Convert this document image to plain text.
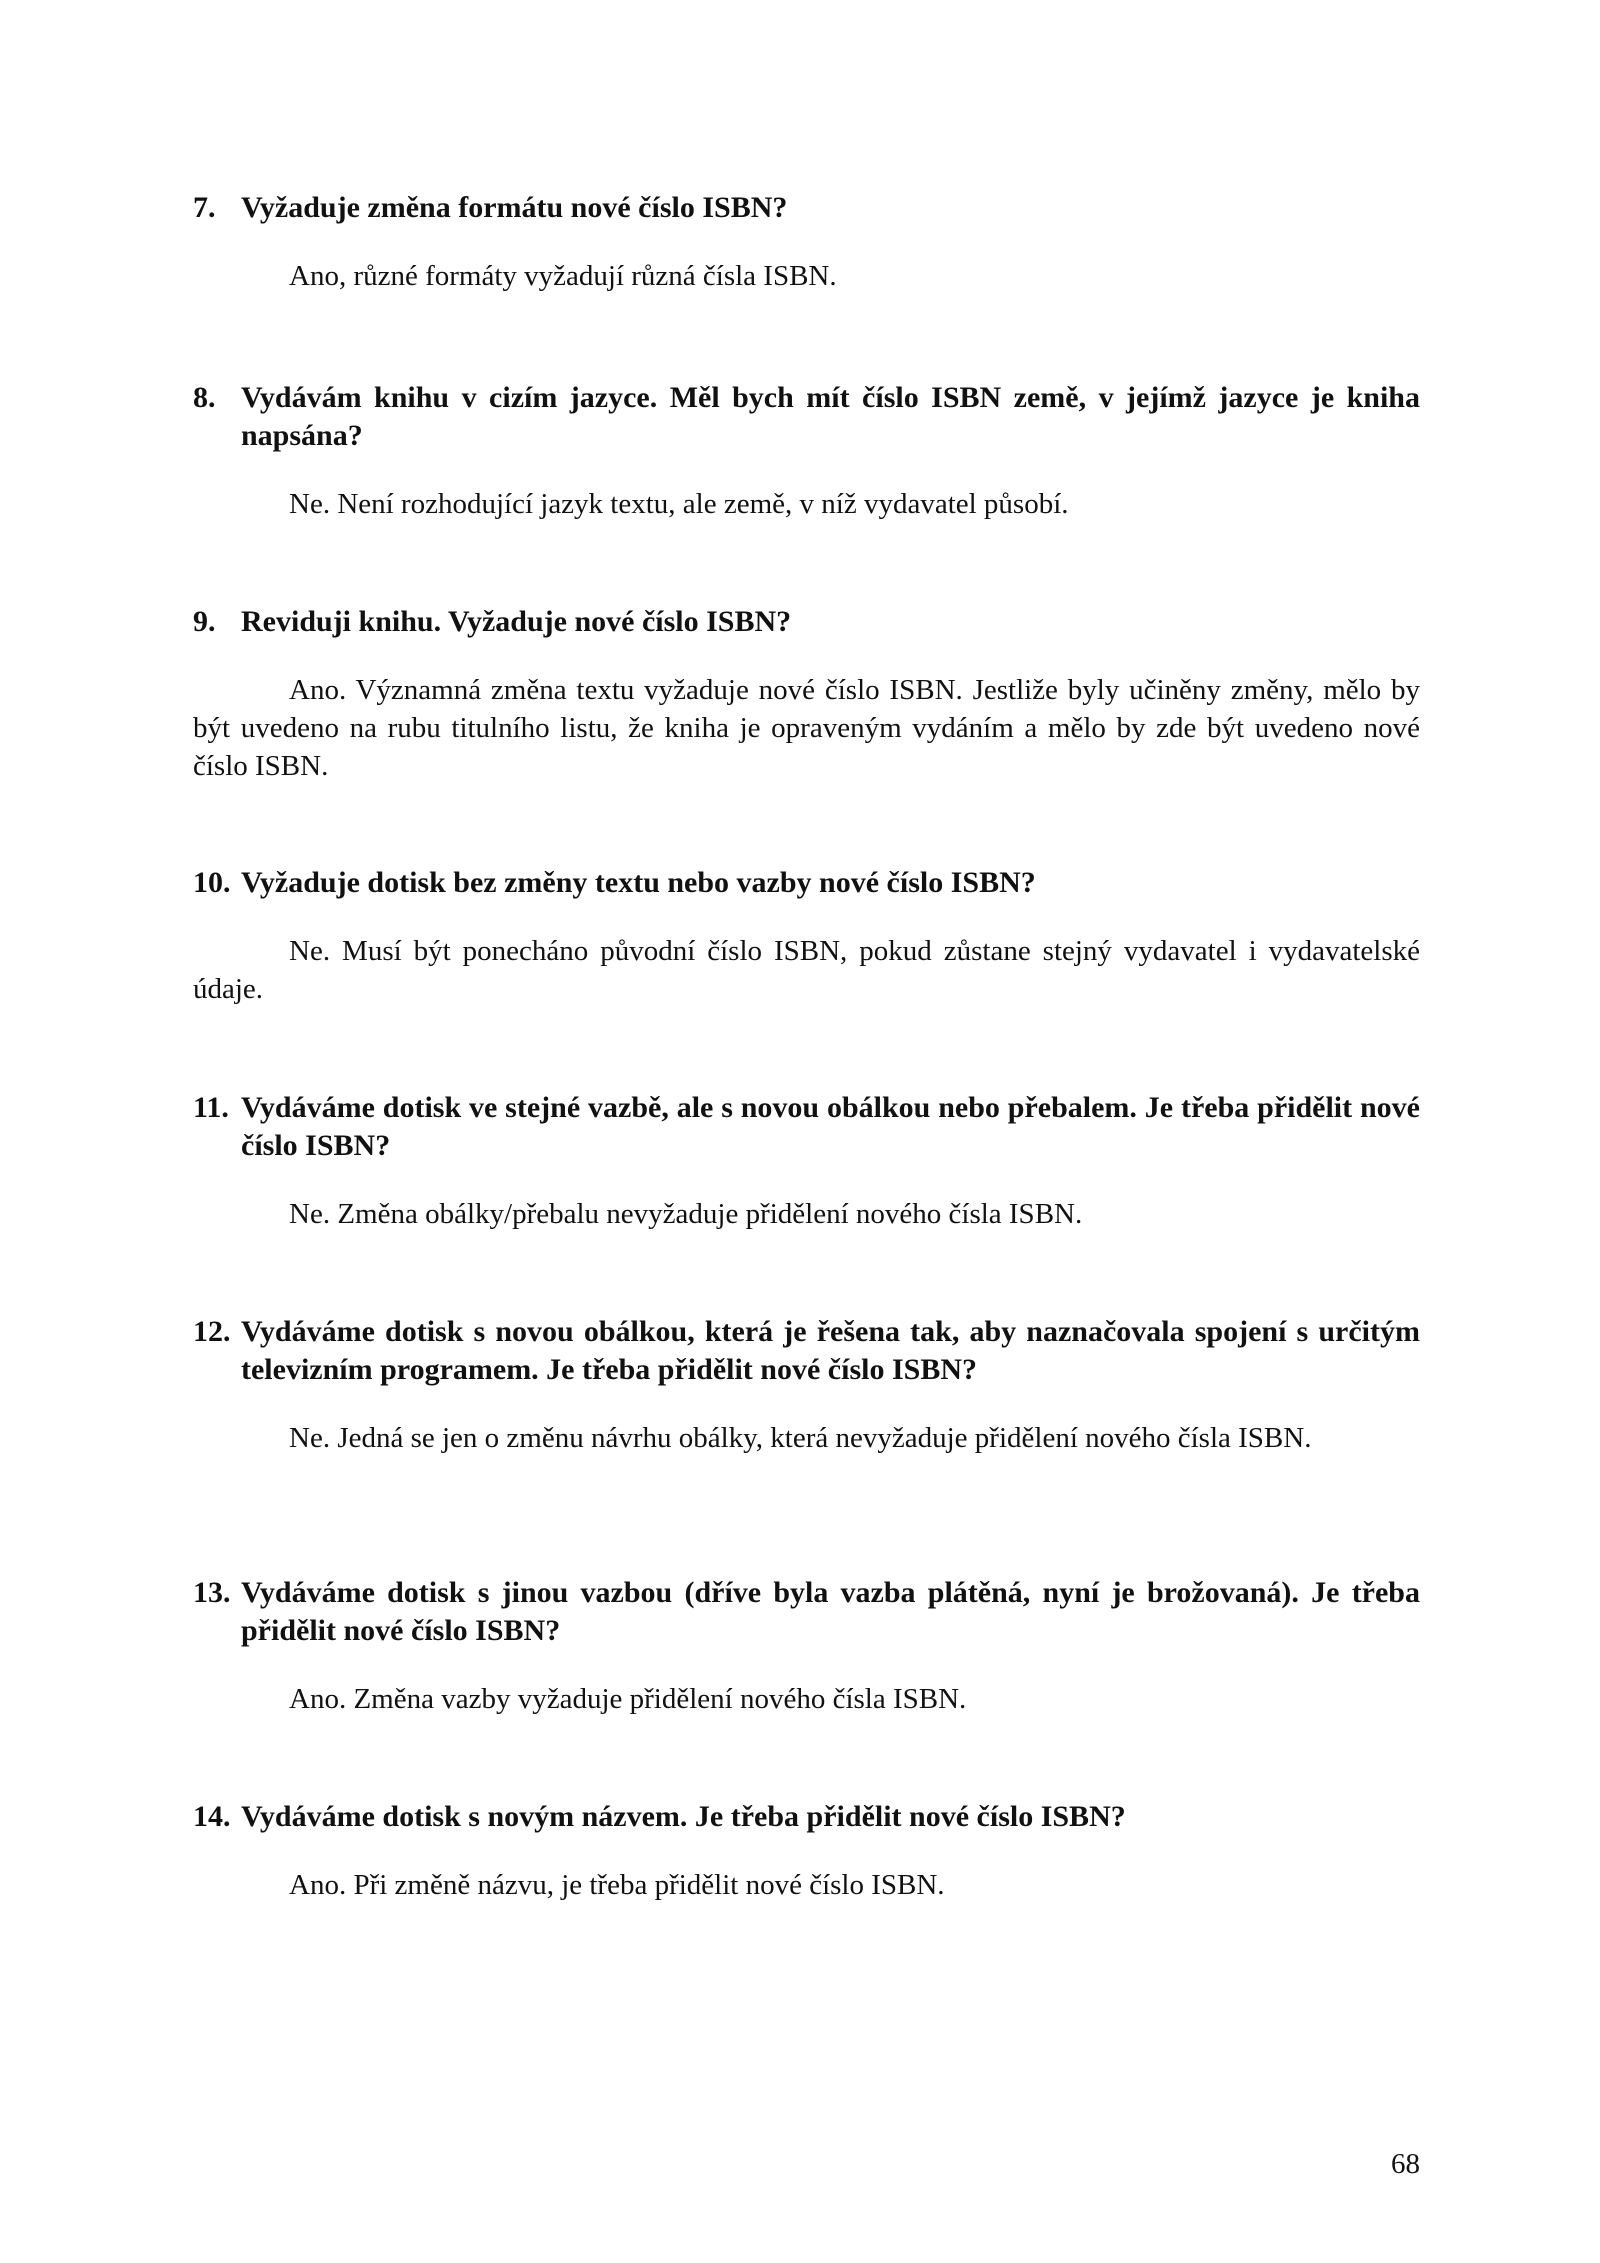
7. Vyžaduje změna formátu nové číslo ISBN?

Ano, různé formáty vyžadují různá čísla ISBN.

8. Vydávám knihu v cizím jazyce. Měl bych mít číslo ISBN země, v jejímž jazyce je kniha napsána?

Ne. Není rozhodující jazyk textu, ale země, v níž vydavatel působí.

9. Reviduji knihu. Vyžaduje nové číslo ISBN?

Ano. Významná změna textu vyžaduje nové číslo ISBN. Jestliže byly učiněny změny, mělo by být uvedeno na rubu titulního listu, že kniha je opraveným vydáním a mělo by zde být uvedeno nové číslo ISBN.

10. Vyžaduje dotisk bez změny textu nebo vazby nové číslo ISBN?

Ne. Musí být ponecháno původní číslo ISBN, pokud zůstane stejný vydavatel i vydavatelské údaje.

11. Vydáváme dotisk ve stejné vazbě, ale s novou obálkou nebo přebalem. Je třeba přidělit nové číslo ISBN?

Ne. Změna obálky/přebalu nevyžaduje přidělení nového čísla ISBN.

12. Vydáváme dotisk s novou obálkou, která je řešena tak, aby naznačovala spojení s určitým televizním programem. Je třeba přidělit nové číslo ISBN?

Ne. Jedná se jen o změnu návrhu obálky, která nevyžaduje přidělení nového čísla ISBN.

13. Vydáváme dotisk s jinou vazbou (dříve byla vazba plátěná, nyní je brožovaná). Je třeba přidělit nové číslo ISBN?

Ano. Změna vazby vyžaduje přidělení nového čísla ISBN.

14. Vydáváme dotisk s novým názvem. Je třeba přidělit nové číslo ISBN?

Ano. Při změně názvu, je třeba přidělit nové číslo ISBN.

68
